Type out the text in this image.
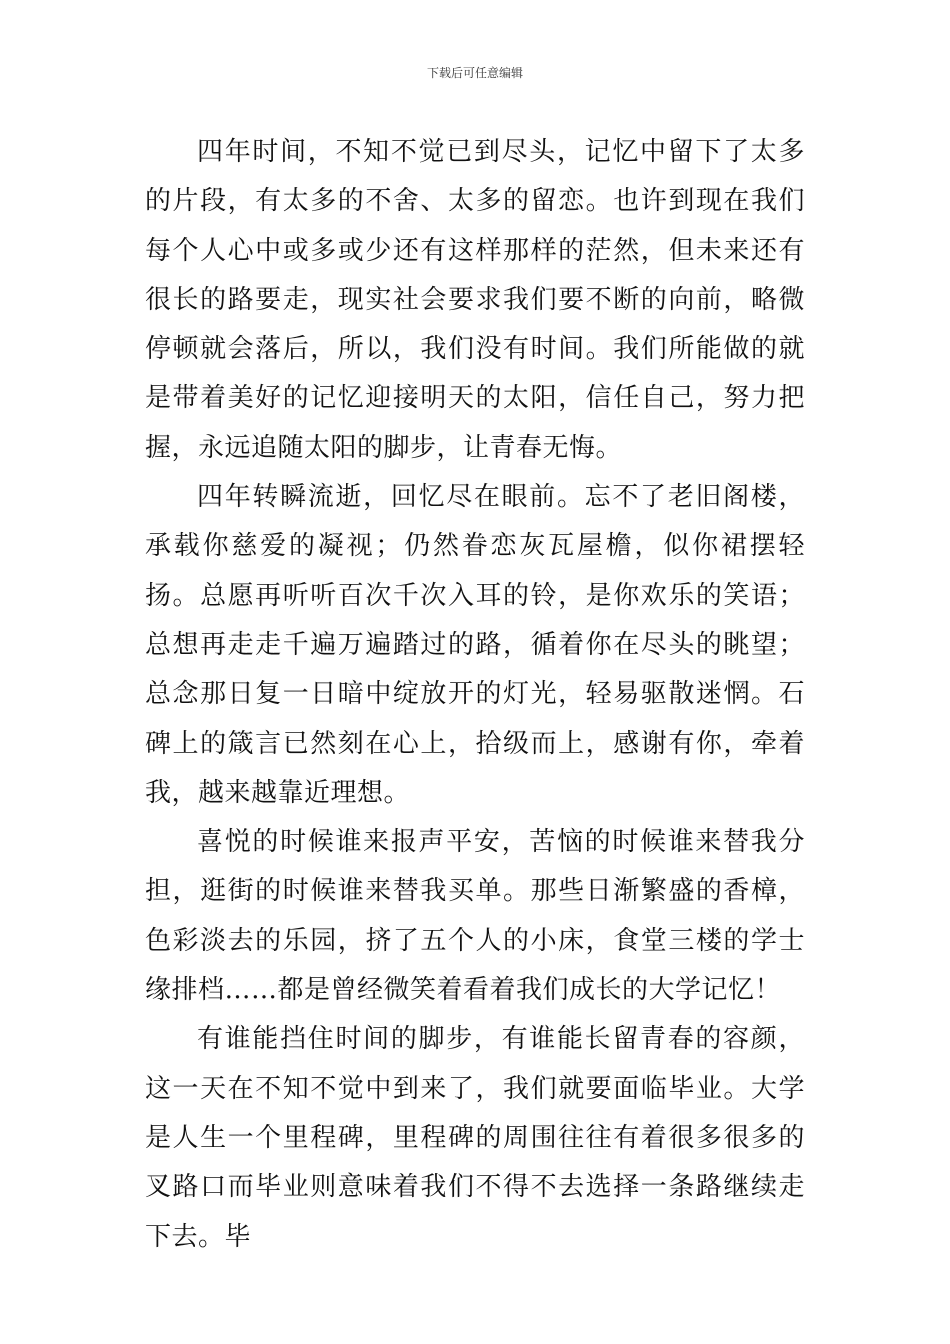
下载后可任意编辑

四年时间，不知不觉已到尽头，记忆中留下了太多的片段，有太多的不舍、太多的留恋。也许到现在我们每个人心中或多或少还有这样那样的茫然，但未来还有很长的路要走，现实社会要求我们要不断的向前，略微停顿就会落后，所以，我们没有时间。我们所能做的就是带着美好的记忆迎接明天的太阳，信任自己，努力把握，永远追随太阳的脚步，让青春无悔。

四年转瞬流逝，回忆尽在眼前。忘不了老旧阁楼，承载你慈爱的凝视；仍然眷恋灰瓦屋檐，似你裙摆轻扬。总愿再听听百次千次入耳的铃，是你欢乐的笑语；总想再走走千遍万遍踏过的路，循着你在尽头的眺望；总念那日复一日暗中绽放开的灯光，轻易驱散迷惘。石碑上的箴言已然刻在心上，拾级而上，感谢有你，牵着我，越来越靠近理想。

喜悦的时候谁来报声平安，苦恼的时候谁来替我分担，逛街的时候谁来替我买单。那些日渐繁盛的香樟，色彩淡去的乐园，挤了五个人的小床，食堂三楼的学士缘排档……都是曾经微笑着看着我们成长的大学记忆！

有谁能挡住时间的脚步，有谁能长留青春的容颜，这一天在不知不觉中到来了，我们就要面临毕业。大学是人生一个里程碑，里程碑的周围往往有着很多很多的叉路口而毕业则意味着我们不得不去选择一条路继续走下去。毕
